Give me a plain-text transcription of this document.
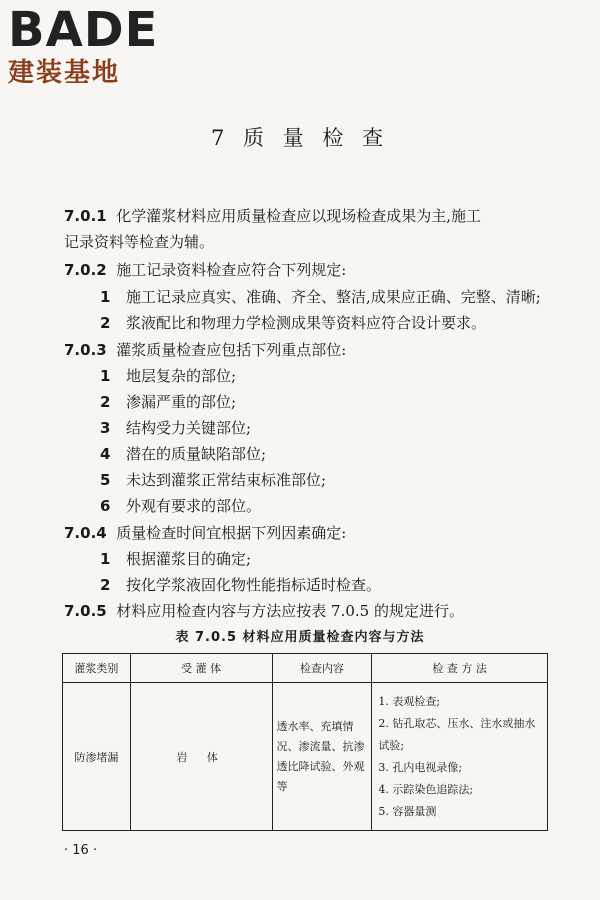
BADE
建装基地
7 质 量 检 查
7.0.1 化学灌浆材料应用质量检查应以现场检查成果为主,施工
记录资料等检查为辅。
7.0.2 施工记录资料检查应符合下列规定:
1 施工记录应真实、准确、齐全、整洁,成果应正确、完整、清晰;
2 浆液配比和物理力学检测成果等资料应符合设计要求。
7.0.3 灌浆质量检查应包括下列重点部位:
1 地层复杂的部位;
2 渗漏严重的部位;
3 结构受力关键部位;
4 潜在的质量缺陷部位;
5 未达到灌浆正常结束标准部位;
6 外观有要求的部位。
7.0.4 质量检查时间宜根据下列因素确定:
1 根据灌浆目的确定;
2 按化学浆液固化物性能指标适时检查。
7.0.5 材料应用检查内容与方法应按表 7.0.5 的规定进行。
表 7.0.5 材料应用质量检查内容与方法
灌浆类别	受 灌 体	检查内容	检 查 方 法
防渗堵漏	岩 体	透水率、充填情况、渗流量、抗渗透比降试验、外观等	1. 表观检查;
2. 钻孔取芯、压水、注水或抽水试验;
3. 孔内电视录像;
4. 示踪染色追踪法;
5. 容器量测
· 16 ·
